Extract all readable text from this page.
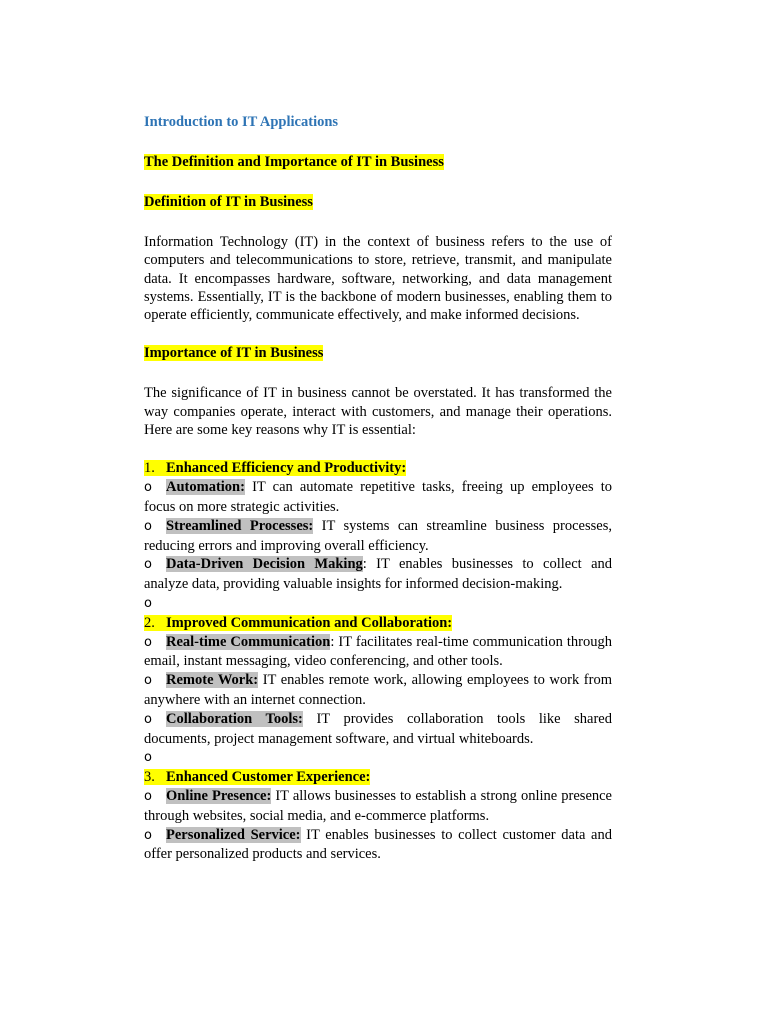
Introduction to IT Applications

The Definition and Importance of IT in Business

Definition of IT in Business

Information Technology (IT) in the context of business refers to the use of computers and telecommunications to store, retrieve, transmit, and manipulate data. It encompasses hardware, software, networking, and data management systems. Essentially, IT is the backbone of modern businesses, enabling them to operate efficiently, communicate effectively, and make informed decisions.

Importance of IT in Business

The significance of IT in business cannot be overstated. It has transformed the way companies operate, interact with customers, and manage their operations. Here are some key reasons why IT is essential:

1. Enhanced Efficiency and Productivity:

o Automation: IT can automate repetitive tasks, freeing up employees to focus on more strategic activities.

o Streamlined Processes: IT systems can streamline business processes, reducing errors and improving overall efficiency.

o Data-Driven Decision Making: IT enables businesses to collect and analyze data, providing valuable insights for informed decision-making.

o

2. Improved Communication and Collaboration:

o Real-time Communication: IT facilitates real-time communication through email, instant messaging, video conferencing, and other tools.

o Remote Work: IT enables remote work, allowing employees to work from anywhere with an internet connection.

o Collaboration Tools: IT provides collaboration tools like shared documents, project management software, and virtual whiteboards.

o

3. Enhanced Customer Experience:

o Online Presence: IT allows businesses to establish a strong online presence through websites, social media, and e-commerce platforms.

o Personalized Service: IT enables businesses to collect customer data and offer personalized products and services.
